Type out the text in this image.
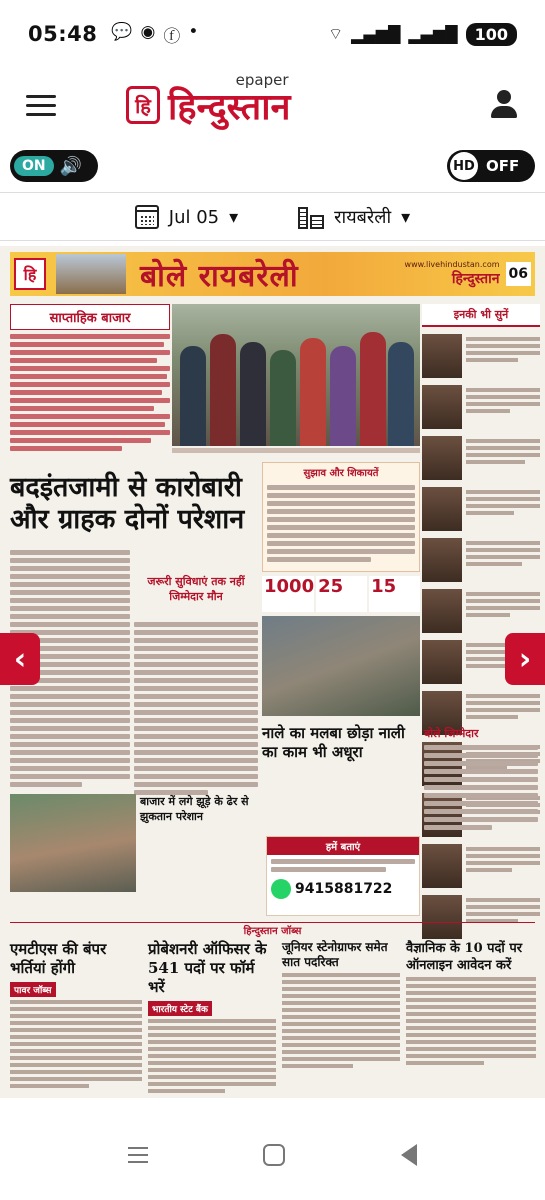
05:48 💬 ◉ ⓕ •	⌔ ▂▄▆█ ▂▄▆█	100
हि हिन्दुस्तान
epaper
ON 🔊	HD OFF
Jul 05 ▾	रायबरेली ▾
हि	बोले रायबरेली	www.livehindustan.com
हिन्दुस्तान 06
साप्ताहिक बाजार	इनकी भी सुनें
बदइंतजामी से कारोबारी और ग्राहक दोनों परेशान
सुझाव और शिकायतें
जरूरी सुविधाएं तक नहीं जिम्मेदार मौन	1000 25	15
नाले का मलबा छोड़ा नाली का काम भी अधूरा
बोले जिम्मेदार
बाजार में लगे झूड़े के ढेर से झुकतान परेशान
हमें बताएं
9415881722
हिन्दुस्तान जॉब्स
एमटीएस की बंपर भर्तियां होंगी
पावर जॉब्स
प्रोबेशनरी ऑफिसर के 541 पदों पर फॉर्म भरें
भारतीय स्टेट बैंक
जूनियर स्टेनोग्राफर समेत सात पदरिक्त
वैज्ञानिक के 10 पदों पर ऑनलाइन आवेदन करें
‹	›
